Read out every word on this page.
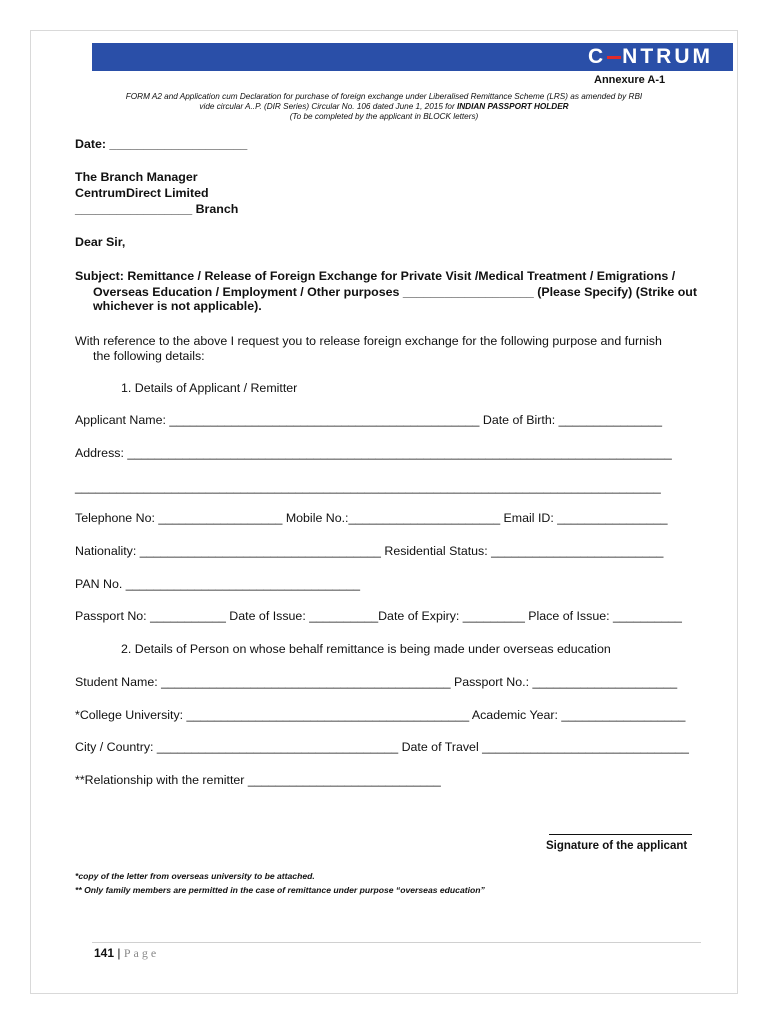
C NTRUM
Annexure A-1
FORM A2 and Application cum Declaration for purchase of foreign exchange under Liberalised Remittance Scheme (LRS) as amended by RBI
vide circular A..P. (DIR Series) Circular No. 106 dated June 1, 2015 for INDIAN PASSPORT HOLDER
(To be completed by the applicant in BLOCK letters)
Date: ____________________
The Branch Manager
CentrumDirect Limited
_________________ Branch
Dear Sir,
Subject: Remittance / Release of Foreign Exchange for Private Visit /Medical Treatment / Emigrations /
Overseas Education / Employment / Other purposes ___________________ (Please Specify) (Strike out
whichever is not applicable).
With reference to the above I request you to release foreign exchange for the following purpose and furnish
the following details:
1. Details of Applicant / Remitter
Applicant Name: _____________________________________________ Date of Birth: _______________
Address: _______________________________________________________________________________
_____________________________________________________________________________________
Telephone No: __________________ Mobile No.:______________________ Email ID: ________________
Nationality: ___________________________________ Residential Status: _________________________
PAN No. __________________________________
Passport No: ___________ Date of Issue: __________Date of Expiry: _________ Place of Issue: __________
2. Details of Person on whose behalf remittance is being made under overseas education
Student Name: __________________________________________ Passport No.: _____________________
*College University: _________________________________________ Academic Year: __________________
City / Country: ___________________________________ Date of Travel ______________________________
**Relationship with the remitter ____________________________
Signature of the applicant
*copy of the letter from overseas university to be attached.
** Only family members are permitted in the case of remittance under purpose “overseas education”
141 | Page
